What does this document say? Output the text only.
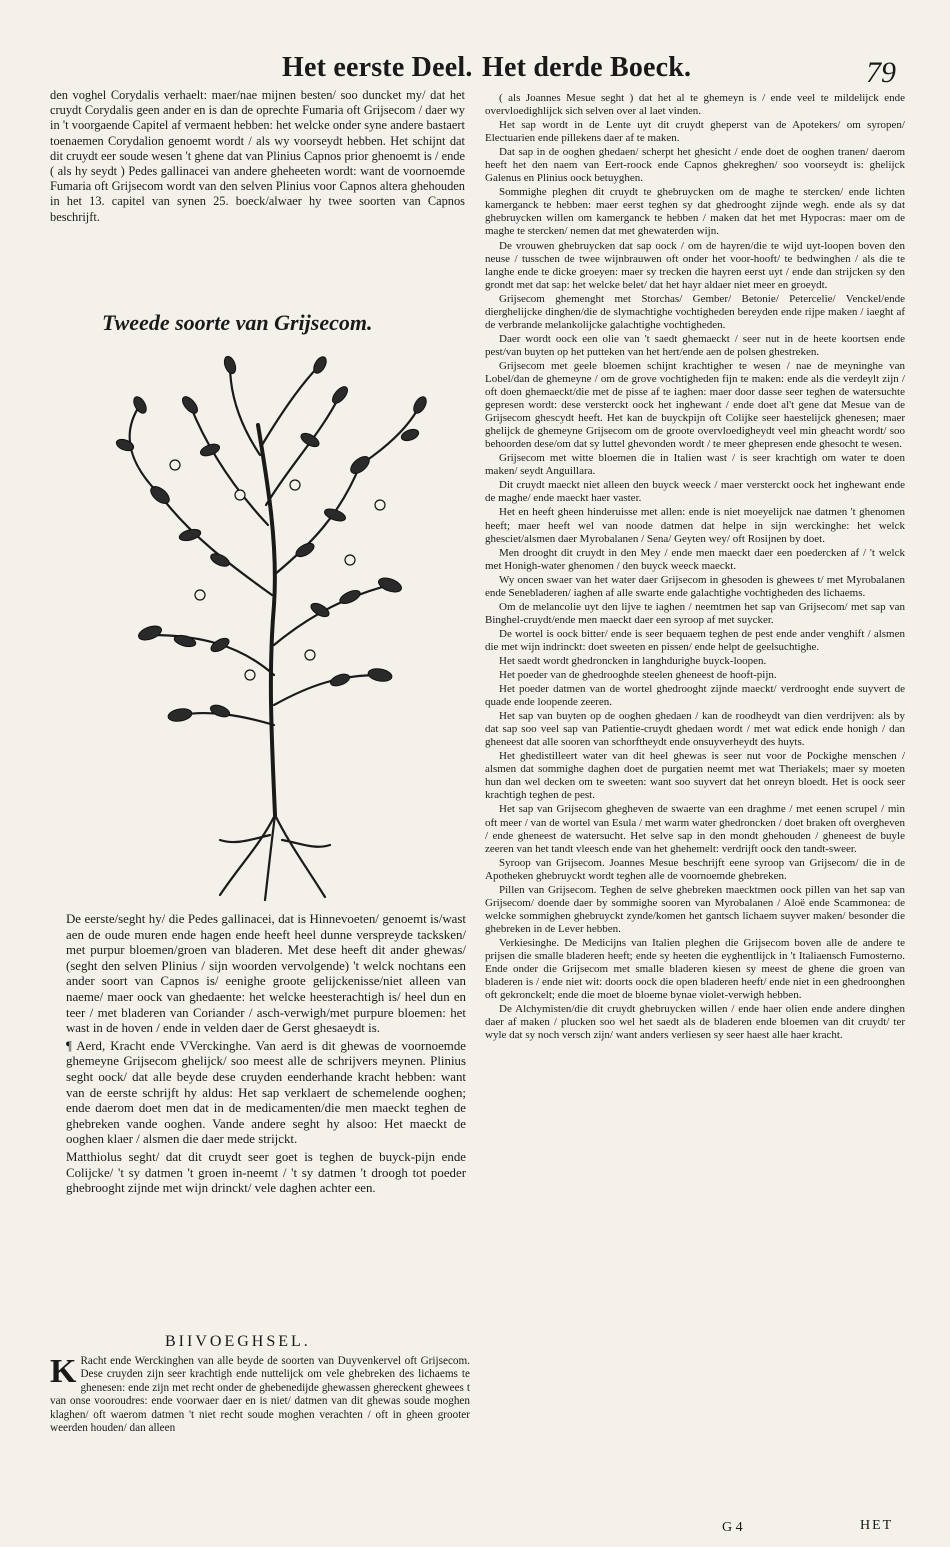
Het eerste Deel. Het derde Boeck.	79

den voghel Corydalis verhaelt: maer/nae mijnen besten/ soo duncket my/ dat het cruydt Corydalis geen ander en is dan de oprechte Fumaria oft Grijsecom / daer wy in 't voorgaende Capitel af vermaent hebben: het welcke onder syne andere bastaert toenaemen Corydalion genoemt wordt / als wy voorseydt hebben. Het schijnt dat dit cruydt eer soude wesen 't ghene dat van Plinius Capnos prior ghenoemt is / ende ( als hy seydt ) Pedes gallinacei van andere gheheeten wordt: want de voornoemde Fumaria oft Grijsecom wordt van den selven Plinius voor Capnos altera ghehouden in het 13. capitel van synen 25. boeck/alwaer hy twee soorten van Capnos beschrijft.

Tweede soorte van Grijsecom.

De eerste/seght hy/ die Pedes gallinacei, dat is Hinnevoeten/ genoemt is/wast aen de oude muren ende hagen ende heeft heel dunne verspreyde tacksken/ met purpur bloemen/groen van bladeren. Met dese heeft dit ander ghewas/ (seght den selven Plinius / sijn woorden vervolgende) 't welck nochtans een ander soort van Capnos is/ eenighe groote gelijckenisse/niet alleen van naeme/ maer oock van ghedaente: het welcke heesterachtigh is/ heel dun en teer / met bladeren van Coriander / asch-verwigh/met purpure bloemen: het wast in de hoven / ende in velden daer de Gerst ghesaeydt is.

¶ Aerd, Kracht ende VVerckinghe. Van aerd is dit ghewas de voornoemde ghemeyne Grijsecom ghelijck/ soo meest alle de schrijvers meynen. Plinius seght oock/ dat alle beyde dese cruyden eenderhande kracht hebben: want van de eerste schrijft hy aldus: Het sap verklaert de schemelende ooghen; ende daerom doet men dat in de medicamenten/die men maeckt teghen de ghebreken vande ooghen. Vande andere seght hy alsoo: Het maeckt de ooghen klaer / alsmen die daer mede strijckt.

Matthiolus seght/ dat dit cruydt seer goet is teghen de buyck-pijn ende Colijcke/ 't sy datmen 't groen in-neemt / 't sy datmen 't droogh tot poeder ghebrooght zijnde met wijn drinckt/ vele daghen achter een.

BIIVOEGHSEL.
K Racht ende Werckinghen van alle beyde de soorten van Duyvenkervel oft Grijsecom. Dese cruyden zijn seer krachtigh ende nuttelijck om vele ghebreken des lichaems te ghenesen: ende zijn met recht onder de ghebenedijde ghewassen ghereckent ghewees t van onse vooroudres: ende voorwaer daer en is niet/ datmen van dit ghewas soude moghen klaghen/ oft waerom datmen 't niet recht soude moghen verachten / oft in gheen grooter weerden houden/ dan alleen

( als Joannes Mesue seght ) dat het al te ghemeyn is / ende veel te mildelijck ende overvloedighlijck sich selven over al laet vinden.

Het sap wordt in de Lente uyt dit cruydt gheperst van de Apotekers/ om syropen/ Electuarien ende pillekens daer af te maken.

Dat sap in de ooghen ghedaen/ scherpt het ghesicht / ende doet de ooghen tranen/ daerom heeft het den naem van Eert-roock ende Capnos ghekreghen/ soo voorseydt is: ghelijck Galenus en Plinius oock betuyghen.

Sommighe pleghen dit cruydt te ghebruycken om de maghe te stercken/ ende lichten kamerganck te hebben: maer eerst teghen sy dat ghedrooght zijnde wegh. ende als sy dat ghebruycken willen om kamerganck te hebben / maken dat het met Hypocras: maer om de maghe te stercken/ nemen dat met ghewaterden wijn.

De vrouwen ghebruycken dat sap oock / om de hayren/die te wijd uyt-loopen boven den neuse / tusschen de twee wijnbrauwen oft onder het voor-hooft/ te bedwinghen / als die te langhe ende te dicke groeyen: maer sy trecken die hayren eerst uyt / ende dan strijcken sy den grondt met dat sap: het welcke belet/ dat het hayr aldaer niet meer en groeydt.

Grijsecom ghemenght met Storchas/ Gember/ Betonie/ Petercelie/ Venckel/ende dierghelijcke dinghen/die de slymachtighe vochtigheden bereyden ende rijpe maken / iaeght af de verbrande melankolijcke galachtighe vochtigheden.

Daer wordt oock een olie van 't saedt ghemaeckt / seer nut in de heete koortsen ende pest/van buyten op het putteken van het hert/ende aen de polsen ghestreken.

Grijsecom met geele bloemen schijnt krachtigher te wesen / nae de meyninghe van Lobel/dan de ghemeyne / om de grove vochtigheden fijn te maken: ende als die verdeylt zijn / oft doen ghemaeckt/die met de pisse af te iaghen: maer door dasse seer teghen de watersuchte gepresen wordt: dese versterckt oock het inghewant / ende doet al't gene dat Mesue van de Grijsecom ghescydt heeft. Het kan de buyckpijn oft Colijke seer haestelijck ghenesen; maer ghelijck de ghemeyne Grijsecom om de groote overvloedigheydt veel min gheacht wordt/ soo behoorden dese/om dat sy luttel ghevonden wordt / te meer ghepresen ende ghesocht te wesen.

Grijsecom met witte bloemen die in Italien wast / is seer krachtigh om water te doen maken/ seydt Anguillara.

Dit cruydt maeckt niet alleen den buyck weeck / maer versterckt oock het inghewant ende de maghe/ ende maeckt haer vaster.

Het en heeft gheen hinderuisse met allen: ende is niet moeyelijck nae datmen 't ghenomen heeft; maer heeft wel van noode datmen dat helpe in sijn werckinghe: het welck ghesciet/alsmen daer Myrobalanen / Sena/ Geyten wey/ oft Rosijnen by doet.

Men drooght dit cruydt in den Mey / ende men maeckt daer een poedercken af / 't welck met Honigh-water ghenomen / den buyck weeck maeckt.

Wy oncen swaer van het water daer Grijsecom in ghesoden is ghewees t/ met Myrobalanen ende Senebladeren/ iaghen af alle swarte ende galachtighe vochtigheden des lichaems.

Om de melancolie uyt den lijve te iaghen / neemtmen het sap van Grijsecom/ met sap van Binghel-cruydt/ende men maeckt daer een syroop af met suycker.

De wortel is oock bitter/ ende is seer bequaem teghen de pest ende ander venghift / alsmen die met wijn indrinckt: doet sweeten en pissen/ ende helpt de geelsuchtighe.

Het saedt wordt ghedroncken in langhdurighe buyck-loopen.

Het poeder van de ghedrooghde steelen gheneest de hooft-pijn.

Het poeder datmen van de wortel ghedrooght zijnde maeckt/ verdrooght ende suyvert de quade ende loopende zeeren.

Het sap van buyten op de ooghen ghedaen / kan de roodheydt van dien verdrijven: als by dat sap soo veel sap van Patientie-cruydt ghedaen wordt / met wat edick ende honigh / dan gheneest dat alle sooren van schorftheydt ende onsuyverheydt des huyts.

Het ghedistilleert water van dit heel ghewas is seer nut voor de Pockighe menschen / alsmen dat sommighe daghen doet de purgatien neemt met wat Theriakels; maer sy moeten hun dan wel decken om te sweeten: want soo suyvert dat het onreyn bloedt. Het is oock seer krachtigh teghen de pest.

Het sap van Grijsecom ghegheven de swaerte van een draghme / met eenen scrupel / min oft meer / van de wortel van Esula / met warm water ghedroncken / doet braken oft overgheven / ende gheneest de watersucht. Het selve sap in den mondt ghehouden / gheneest de buyle zeeren van het tandt vleesch ende van het ghehemelt: verdrijft oock den tandt-sweer.

Syroop van Grijsecom. Joannes Mesue beschrijft eene syroop van Grijsecom/ die in de Apotheken ghebruyckt wordt teghen alle de voornoemde ghebreken.

Pillen van Grijsecom. Teghen de selve ghebreken maecktmen oock pillen van het sap van Grijsecom/ doende daer by sommighe sooren van Myrobalanen / Aloë ende Scammonea: de welcke sommighen ghebruyckt zynde/komen het gantsch lichaem suyver maken/ besonder die ghebreken in de Lever hebben.

Verkiesinghe. De Medicijns van Italien pleghen die Grijsecom boven alle de andere te prijsen die smalle bladeren heeft; ende sy heeten die eyghentlijck in 't Italiaensch Fumosterno. Ende onder die Grijsecom met smalle bladeren kiesen sy meest de ghene die groen van bladeren is / ende niet wit: doorts oock die open bladeren heeft/ ende niet in een ghedroonghen oft gekronckelt; ende die moet de bloeme bynae violet-verwigh hebben.

De Alchymisten/die dit cruydt ghebruycken willen / ende haer olien ende andere dinghen daer af maken / plucken soo wel het saedt als de bladeren ende bloemen van dit cruydt/ ter wyle dat sy noch versch zijn/ want anders verliesen sy seer haest alle haer kracht.

G 4	HET
